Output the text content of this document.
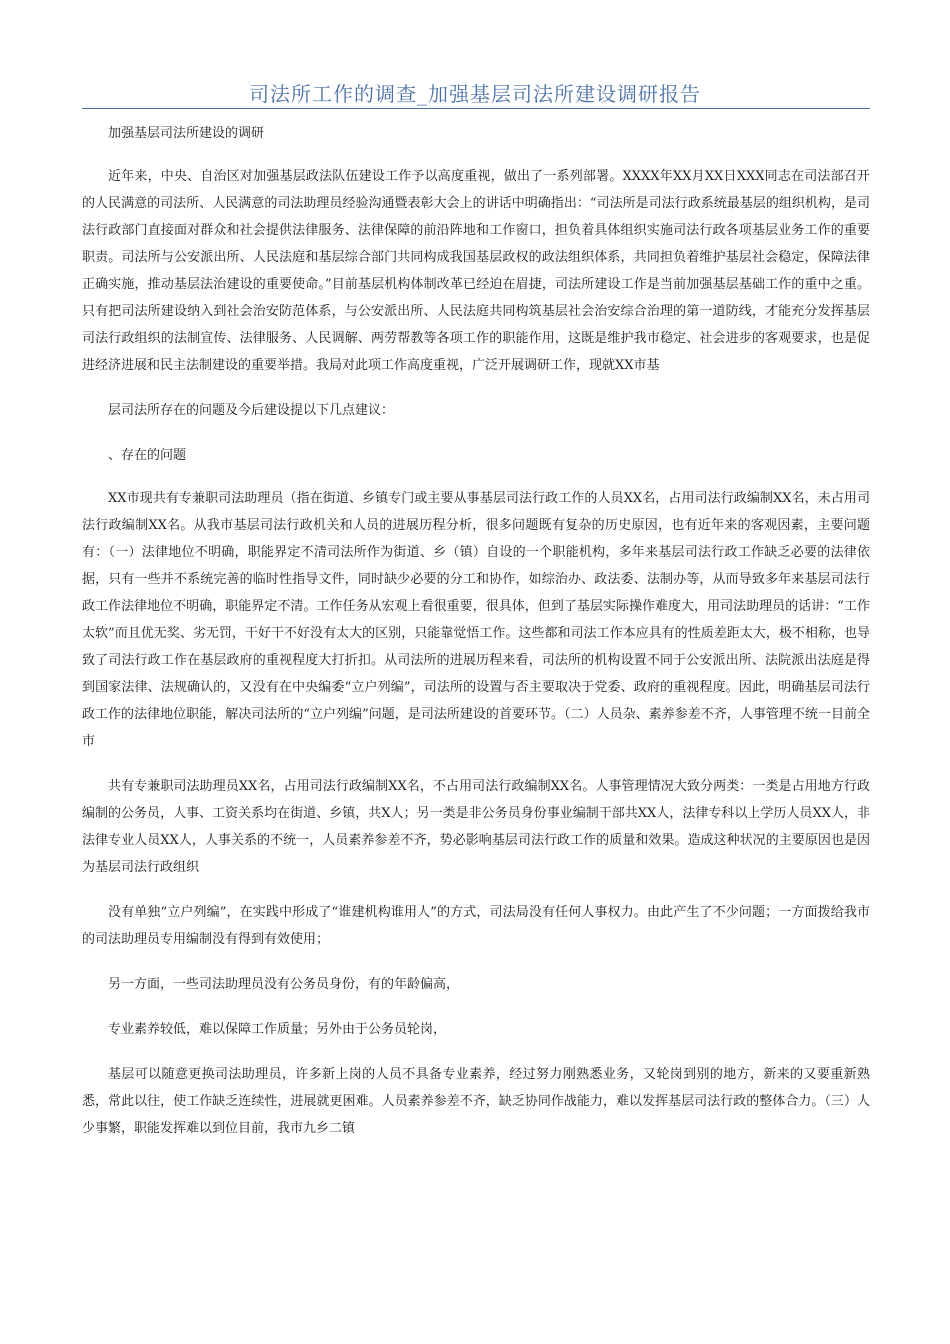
司法所工作的调查_加强基层司法所建设调研报告

加强基层司法所建设的调研

近年来，中央、自治区对加强基层政法队伍建设工作予以高度重视，做出了一系列部署。XXXX年XX月XX日XXX同志在司法部召开的人民满意的司法所、人民满意的司法助理员经验沟通暨表彰大会上的讲话中明确指出：“司法所是司法行政系统最基层的组织机构，是司法行政部门直接面对群众和社会提供法律服务、法律保障的前沿阵地和工作窗口，担负着具体组织实施司法行政各项基层业务工作的重要职责。司法所与公安派出所、人民法庭和基层综合部门共同构成我国基层政权的政法组织体系，共同担负着维护基层社会稳定，保障法律正确实施，推动基层法治建设的重要使命。”目前基层机构体制改革已经迫在眉捷，司法所建设工作是当前加强基层基础工作的重中之重。只有把司法所建设纳入到社会治安防范体系，与公安派出所、人民法庭共同构筑基层社会治安综合治理的第一道防线，才能充分发挥基层司法行政组织的法制宣传、法律服务、人民调解、两劳帮教等各项工作的职能作用，这既是维护我市稳定、社会进步的客观要求，也是促进经济进展和民主法制建设的重要举措。我局对此项工作高度重视，广泛开展调研工作，现就XX市基

层司法所存在的问题及今后建设提以下几点建议：

、存在的问题

XX市现共有专兼职司法助理员（指在街道、乡镇专门或主要从事基层司法行政工作的人员XX名，占用司法行政编制XX名，未占用司法行政编制XX名。从我市基层司法行政机关和人员的进展历程分析，很多问题既有复杂的历史原因，也有近年来的客观因素，主要问题有：（一）法律地位不明确，职能界定不清司法所作为街道、乡（镇）自设的一个职能机构，多年来基层司法行政工作缺乏必要的法律依据，只有一些并不系统完善的临时性指导文件，同时缺少必要的分工和协作，如综治办、政法委、法制办等，从而导致多年来基层司法行政工作法律地位不明确，职能界定不清。工作任务从宏观上看很重要，很具体，但到了基层实际操作难度大，用司法助理员的话讲：“工作太软”而且优无奖、劣无罚，干好干不好没有太大的区别，只能靠觉悟工作。这些都和司法工作本应具有的性质差距太大，极不相称，也导致了司法行政工作在基层政府的重视程度大打折扣。从司法所的进展历程来看，司法所的机构设置不同于公安派出所、法院派出法庭是得到国家法律、法规确认的，又没有在中央编委“立户列编”，司法所的设置与否主要取决于党委、政府的重视程度。因此，明确基层司法行政工作的法律地位职能，解决司法所的“立户列编”问题，是司法所建设的首要环节。（二）人员杂、素养参差不齐，人事管理不统一目前全市

共有专兼职司法助理员XX名，占用司法行政编制XX名，不占用司法行政编制XX名。人事管理情况大致分两类：一类是占用地方行政编制的公务员，人事、工资关系均在街道、乡镇，共X人；另一类是非公务员身份事业编制干部共XX人，法律专科以上学历人员XX人，非法律专业人员XX人，人事关系的不统一，人员素养参差不齐，势必影响基层司法行政工作的质量和效果。造成这种状况的主要原因也是因为基层司法行政组织

没有单独“立户列编”，在实践中形成了“谁建机构谁用人”的方式，司法局没有任何人事权力。由此产生了不少问题；一方面拨给我市的司法助理员专用编制没有得到有效使用；

另一方面，一些司法助理员没有公务员身份，有的年龄偏高，

专业素养较低，难以保障工作质量；另外由于公务员轮岗，

基层可以随意更换司法助理员，许多新上岗的人员不具备专业素养，经过努力刚熟悉业务，又轮岗到别的地方，新来的又要重新熟悉，常此以往，使工作缺乏连续性，进展就更困难。人员素养参差不齐，缺乏协同作战能力，难以发挥基层司法行政的整体合力。（三）人少事繁，职能发挥难以到位目前，我市九乡二镇
